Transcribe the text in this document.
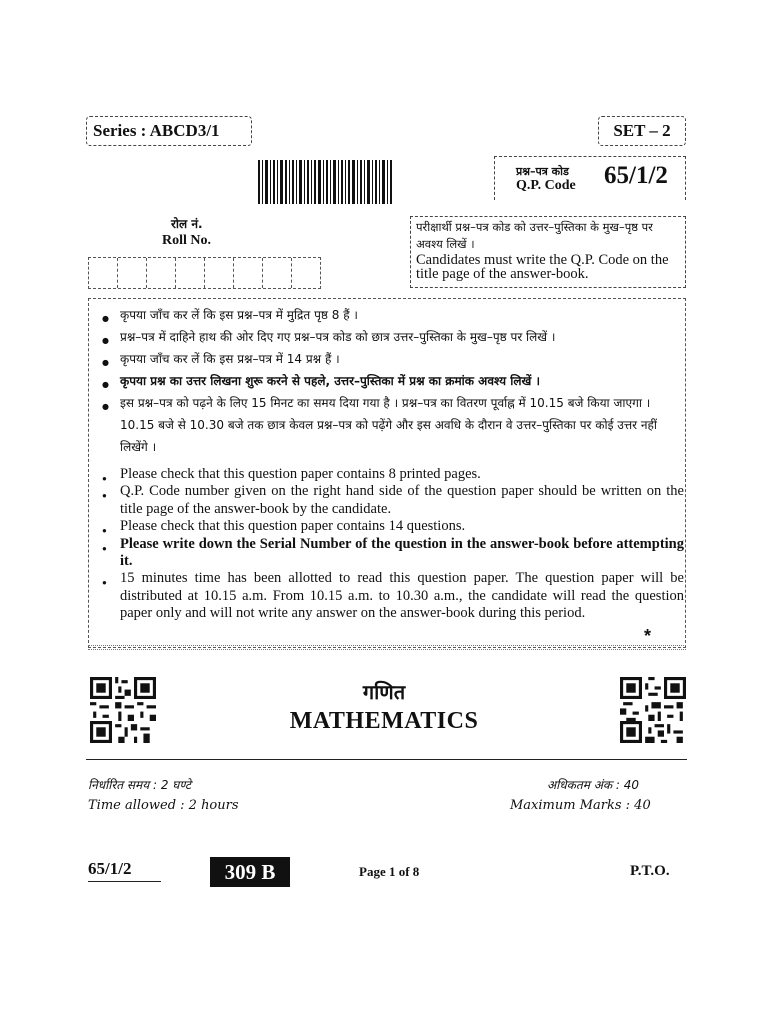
Series : ABCD3/1	SET – 2
प्रश्न–पत्र कोड
Q.P. Code 65/1/2
रोल नं.
Roll No.
परीक्षार्थी प्रश्न–पत्र कोड को उत्तर–पुस्तिका के मुख–पृष्ठ पर अवश्य लिखें ।
Candidates must write the Q.P. Code on the title page of the answer-book.
● कृपया जाँच कर लें कि इस प्रश्न–पत्र में मुद्रित पृष्ठ 8 हैं ।
● प्रश्न–पत्र में दाहिने हाथ की ओर दिए गए प्रश्न–पत्र कोड को छात्र उत्तर–पुस्तिका के मुख–पृष्ठ पर लिखें ।
● कृपया जाँच कर लें कि इस प्रश्न–पत्र में 14 प्रश्न हैं ।
● कृपया प्रश्न का उत्तर लिखना शुरू करने से पहले, उत्तर–पुस्तिका में प्रश्न का क्रमांक अवश्य लिखें ।
● इस प्रश्न–पत्र को पढ़ने के लिए 15 मिनट का समय दिया गया है । प्रश्न–पत्र का वितरण पूर्वाह्न में 10.15 बजे किया जाएगा । 10.15 बजे से 10.30 बजे तक छात्र केवल प्रश्न–पत्र को पढ़ेंगे और इस अवधि के दौरान वे उत्तर–पुस्तिका पर कोई उत्तर नहीं लिखेंगे ।
● Please check that this question paper contains 8 printed pages.
● Q.P. Code number given on the right hand side of the question paper should be written on the title page of the answer-book by the candidate.
● Please check that this question paper contains 14 questions.
● Please write down the Serial Number of the question in the answer-book before attempting it.
● 15 minutes time has been allotted to read this question paper. The question paper will be distributed at 10.15 a.m. From 10.15 a.m. to 10.30 a.m., the candidate will read the question paper only and will not write any answer on the answer-book during this period.
*
गणित
MATHEMATICS
निर्धारित समय : 2 घण्टे
Time allowed : 2 hours
अधिकतम अंक : 40
Maximum Marks : 40
65/1/2	309 B	Page 1 of 8	P.T.O.
